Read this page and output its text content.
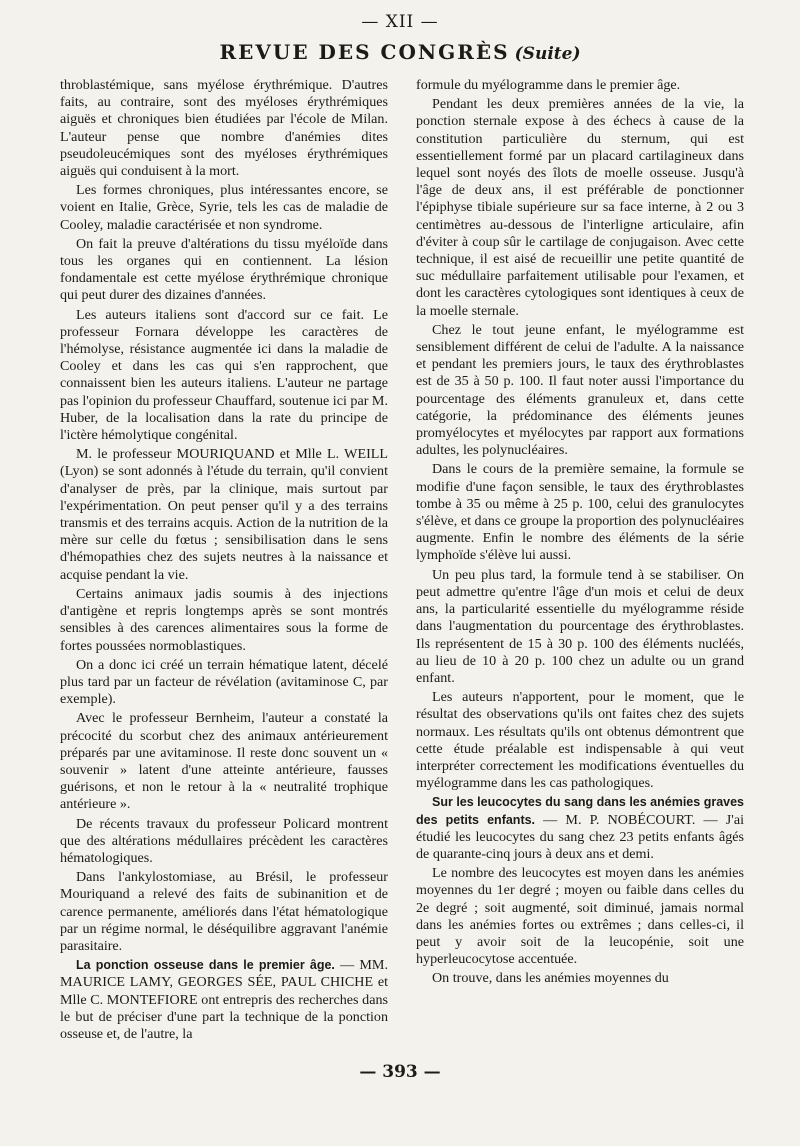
— XII —
REVUE DES CONGRÈS (Suite)

throblastémique, sans myélose érythrémique. D'autres faits, au contraire, sont des myéloses érythrémiques aiguës et chroniques bien étudiées par l'école de Milan. L'auteur pense que nombre d'anémies dites pseudoleucémiques sont des myéloses érythrémiques aiguës qui conduisent à la mort.

Les formes chroniques, plus intéressantes encore, se voient en Italie, Grèce, Syrie, tels les cas de maladie de Cooley, maladie caractérisée et non syndrome.

On fait la preuve d'altérations du tissu myéloïde dans tous les organes qui en contiennent. La lésion fondamentale est cette myélose érythrémique chronique qui peut durer des dizaines d'années.

Les auteurs italiens sont d'accord sur ce fait. Le professeur Fornara développe les caractères de l'hémolyse, résistance augmentée ici dans la maladie de Cooley et dans les cas qui s'en rapprochent, que connaissent bien les auteurs italiens. L'auteur ne partage pas l'opinion du professeur Chauffard, soutenue ici par M. Huber, de la localisation dans la rate du principe de l'ictère hémolytique congénital.

M. le professeur MOURIQUAND et Mlle L. WEILL (Lyon) se sont adonnés à l'étude du terrain, qu'il convient d'analyser de près, par la clinique, mais surtout par l'expérimentation. On peut penser qu'il y a des terrains transmis et des terrains acquis. Action de la nutrition de la mère sur celle du fœtus ; sensibilisation dans le sens d'hémopathies chez des sujets neutres à la naissance et acquise pendant la vie.

Certains animaux jadis soumis à des injections d'antigène et repris longtemps après se sont montrés sensibles à des carences alimentaires sous la forme de fortes poussées normoblastiques.

On a donc ici créé un terrain hématique latent, décelé plus tard par un facteur de révélation (avitaminose C, par exemple).

Avec le professeur Bernheim, l'auteur a constaté la précocité du scorbut chez des animaux antérieurement préparés par une avitaminose. Il reste donc souvent un « souvenir » latent d'une atteinte antérieure, fausses guérisons, et non le retour à la « neutralité trophique antérieure ».

De récents travaux du professeur Policard montrent que des altérations médullaires précèdent les caractères hématologiques.

Dans l'ankylostomiase, au Brésil, le professeur Mouriquand a relevé des faits de subinanition et de carence permanente, améliorés dans l'état hématologique par un régime normal, le déséquilibre aggravant l'anémie parasitaire.

La ponction osseuse dans le premier âge. — MM. MAURICE LAMY, GEORGES SÉE, PAUL CHICHE et Mlle C. MONTEFIORE ont entrepris des recherches dans le but de préciser d'une part la technique de la ponction osseuse et, de l'autre, la

formule du myélogramme dans le premier âge.

Pendant les deux premières années de la vie, la ponction sternale expose à des échecs à cause de la constitution particulière du sternum, qui est essentiellement formé par un placard cartilagineux dans lequel sont noyés des îlots de moelle osseuse. Jusqu'à l'âge de deux ans, il est préférable de ponctionner l'épiphyse tibiale supérieure sur sa face interne, à 2 ou 3 centimètres au-dessous de l'interligne articulaire, afin d'éviter à coup sûr le cartilage de conjugaison. Avec cette technique, il est aisé de recueillir une petite quantité de suc médullaire parfaitement utilisable pour l'examen, et dont les caractères cytologiques sont identiques à ceux de la moelle sternale.

Chez le tout jeune enfant, le myélogramme est sensiblement différent de celui de l'adulte. A la naissance et pendant les premiers jours, le taux des érythroblastes est de 35 à 50 p. 100. Il faut noter aussi l'importance du pourcentage des éléments granuleux et, dans cette catégorie, la prédominance des éléments jeunes promyélocytes et myélocytes par rapport aux formations adultes, les polynucléaires.

Dans le cours de la première semaine, la formule se modifie d'une façon sensible, le taux des érythroblastes tombe à 35 ou même à 25 p. 100, celui des granulocytes s'élève, et dans ce groupe la proportion des polynucléaires augmente. Enfin le nombre des éléments de la série lymphoïde s'élève lui aussi.

Un peu plus tard, la formule tend à se stabiliser. On peut admettre qu'entre l'âge d'un mois et celui de deux ans, la particularité essentielle du myélogramme réside dans l'augmentation du pourcentage des érythroblastes. Ils représentent de 15 à 30 p. 100 des éléments nucléés, au lieu de 10 à 20 p. 100 chez un adulte ou un grand enfant.

Les auteurs n'apportent, pour le moment, que le résultat des observations qu'ils ont faites chez des sujets normaux. Les résultats qu'ils ont obtenus démontrent que cette étude préalable est indispensable à qui veut interpréter correctement les modifications éventuelles du myélogramme dans les cas pathologiques.

Sur les leucocytes du sang dans les anémies graves des petits enfants. — M. P. NOBÉCOURT. — J'ai étudié les leucocytes du sang chez 23 petits enfants âgés de quarante-cinq jours à deux ans et demi.

Le nombre des leucocytes est moyen dans les anémies moyennes du 1er degré ; moyen ou faible dans celles du 2e degré ; soit augmenté, soit diminué, jamais normal dans les anémies fortes ou extrêmes ; dans celles-ci, il peut y avoir soit de la leucopénie, soit une hyperleucocytose accentuée.

On trouve, dans les anémies moyennes du

— 393 —
